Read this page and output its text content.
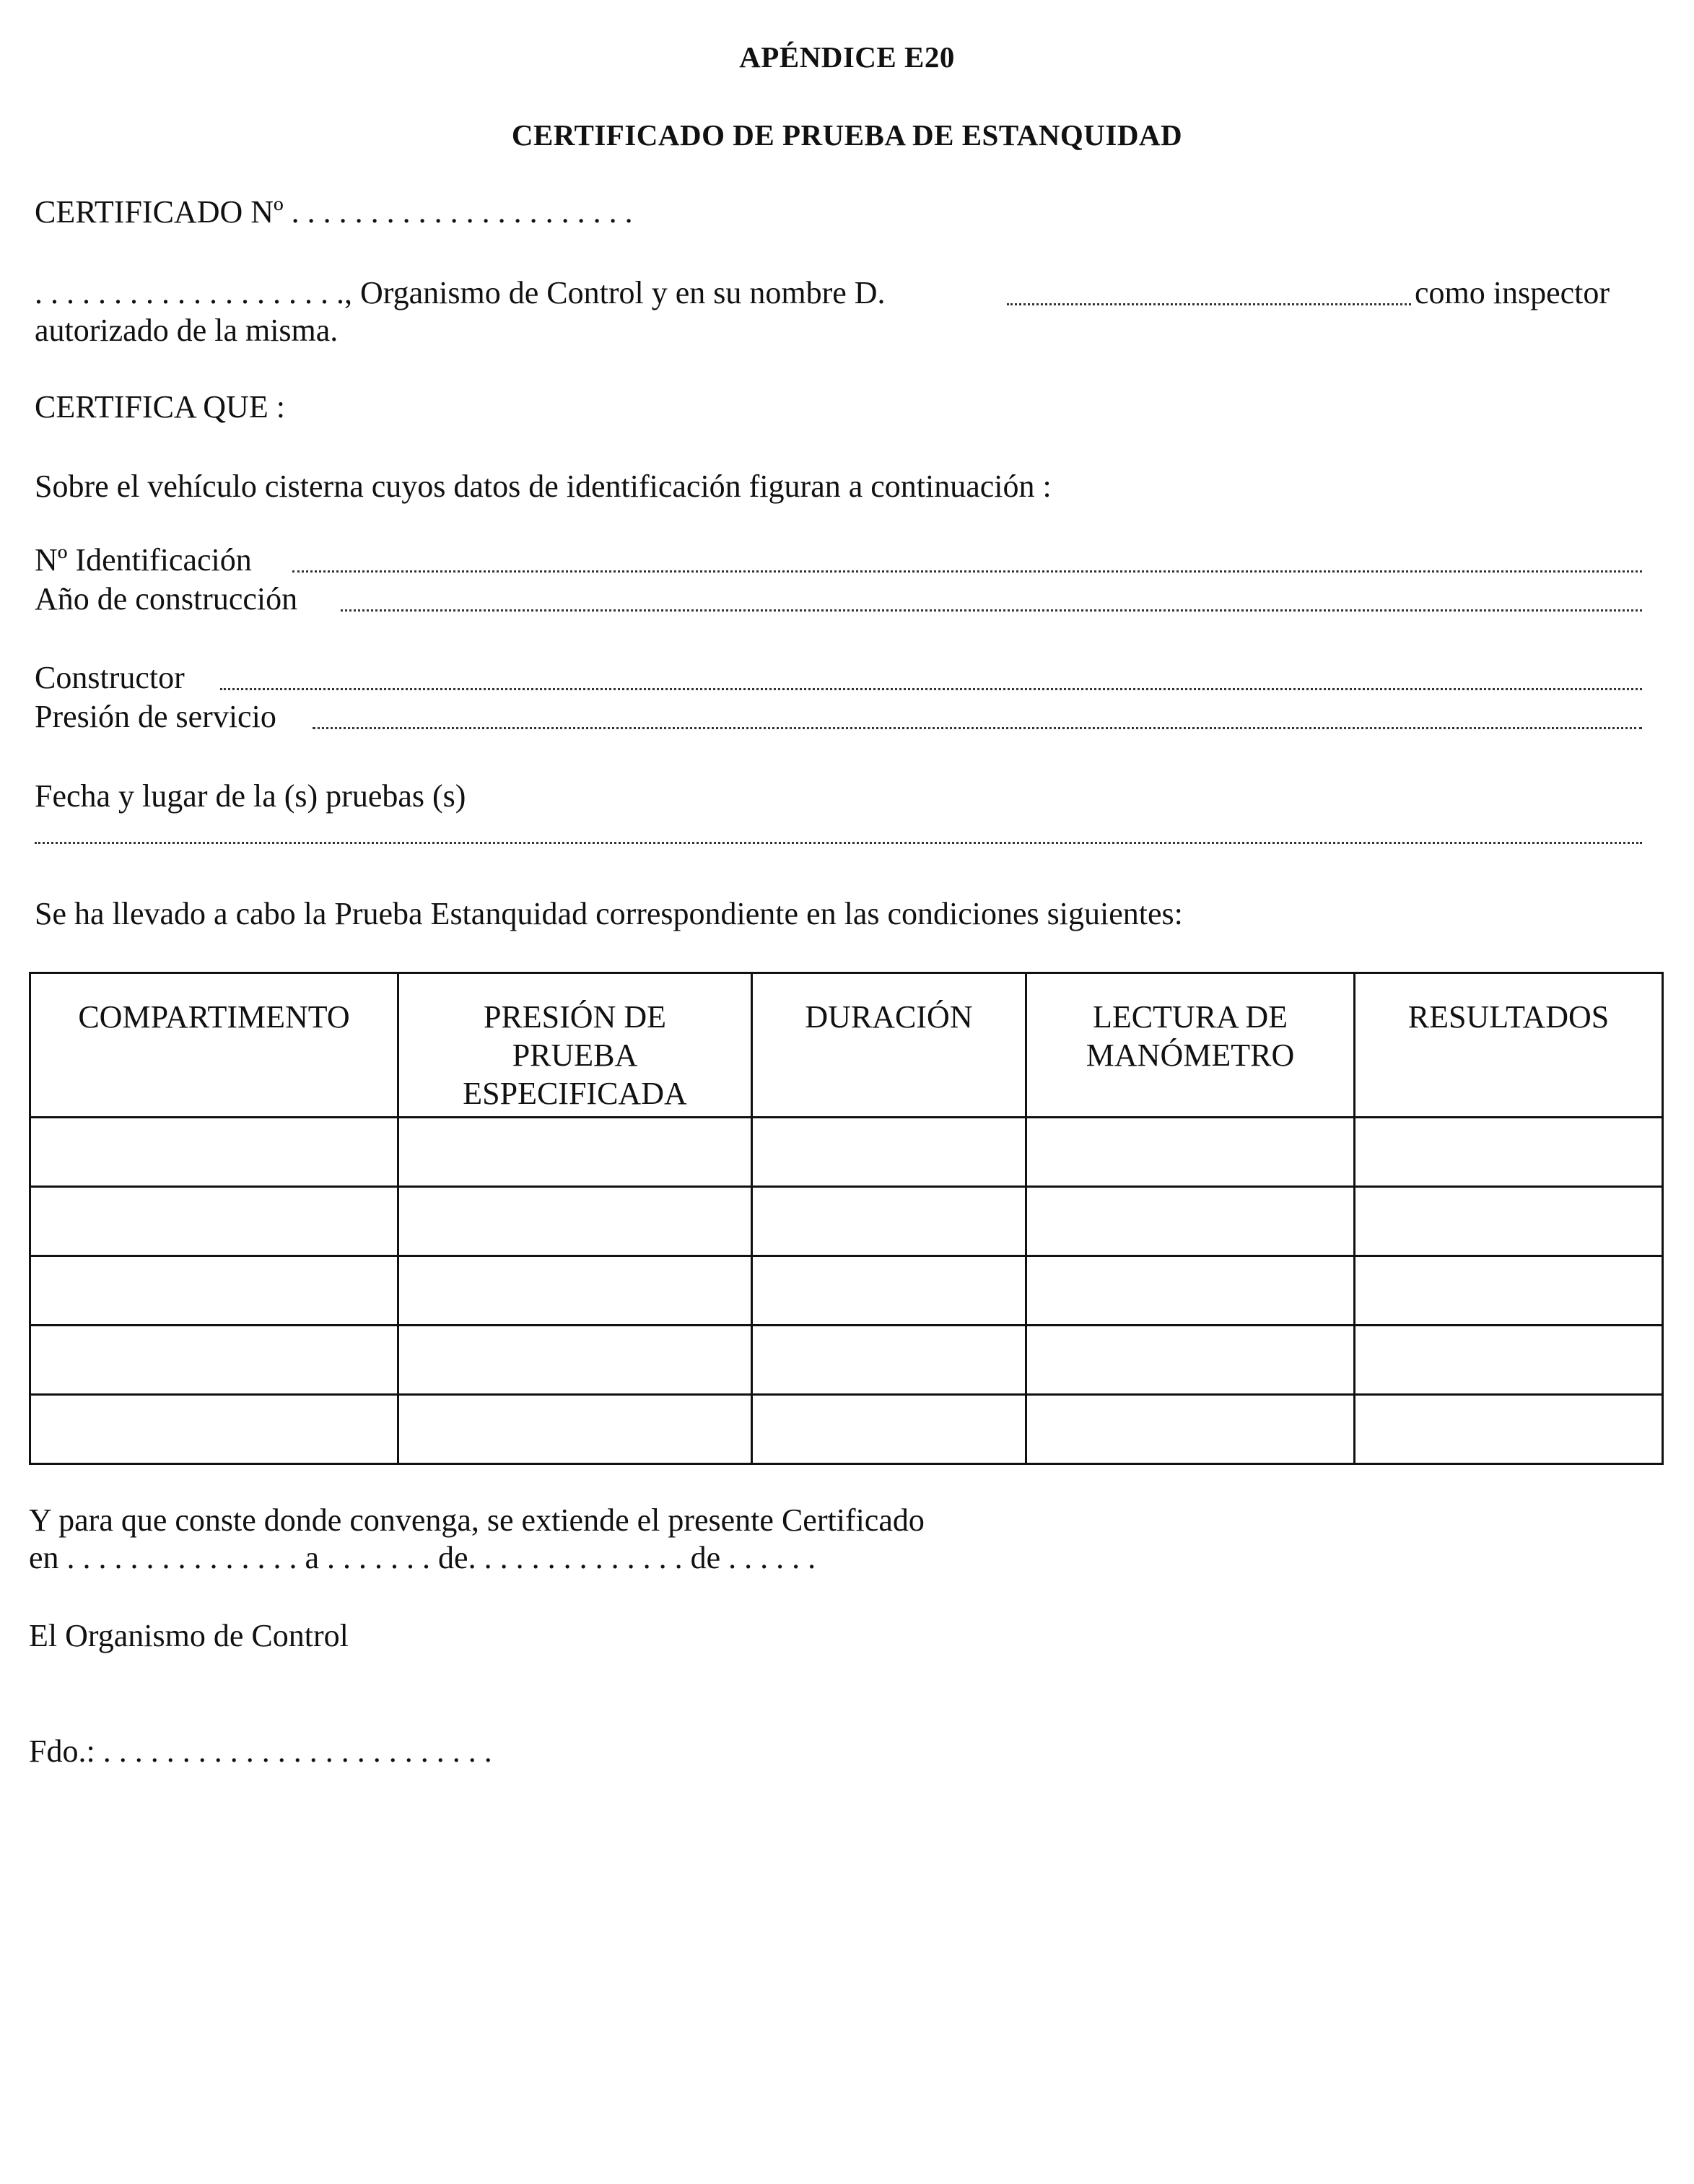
APÉNDICE E20
CERTIFICADO DE PRUEBA DE ESTANQUIDAD
CERTIFICADO Nº . . . . . . . . . . . . . . . . . . . . . .
. . . . . . . . . . . . . . . . . . . ., Organismo de Control y en su nombre D.	como inspector
autorizado de la misma.
CERTIFICA QUE :
Sobre el vehículo cisterna cuyos datos de identificación figuran a continuación :
Nº Identificación
Año de construcción
Constructor
Presión de servicio
Fecha y lugar de la (s) pruebas (s)
Se ha llevado a cabo la Prueba Estanquidad correspondiente en las condiciones siguientes:
COMPARTIMENTO	PRESIÓN DE PRUEBA ESPECIFICADA	DURACIÓN	LECTURA DE MANÓMETRO	RESULTADOS

Y para que conste donde convenga, se extiende el presente Certificado
en . . . . . . . . . . . . . . . a . . . . . . . de. . . . . . . . . . . . . . de . . . . . .
El Organismo de Control
Fdo.: . . . . . . . . . . . . . . . . . . . . . . . . .
